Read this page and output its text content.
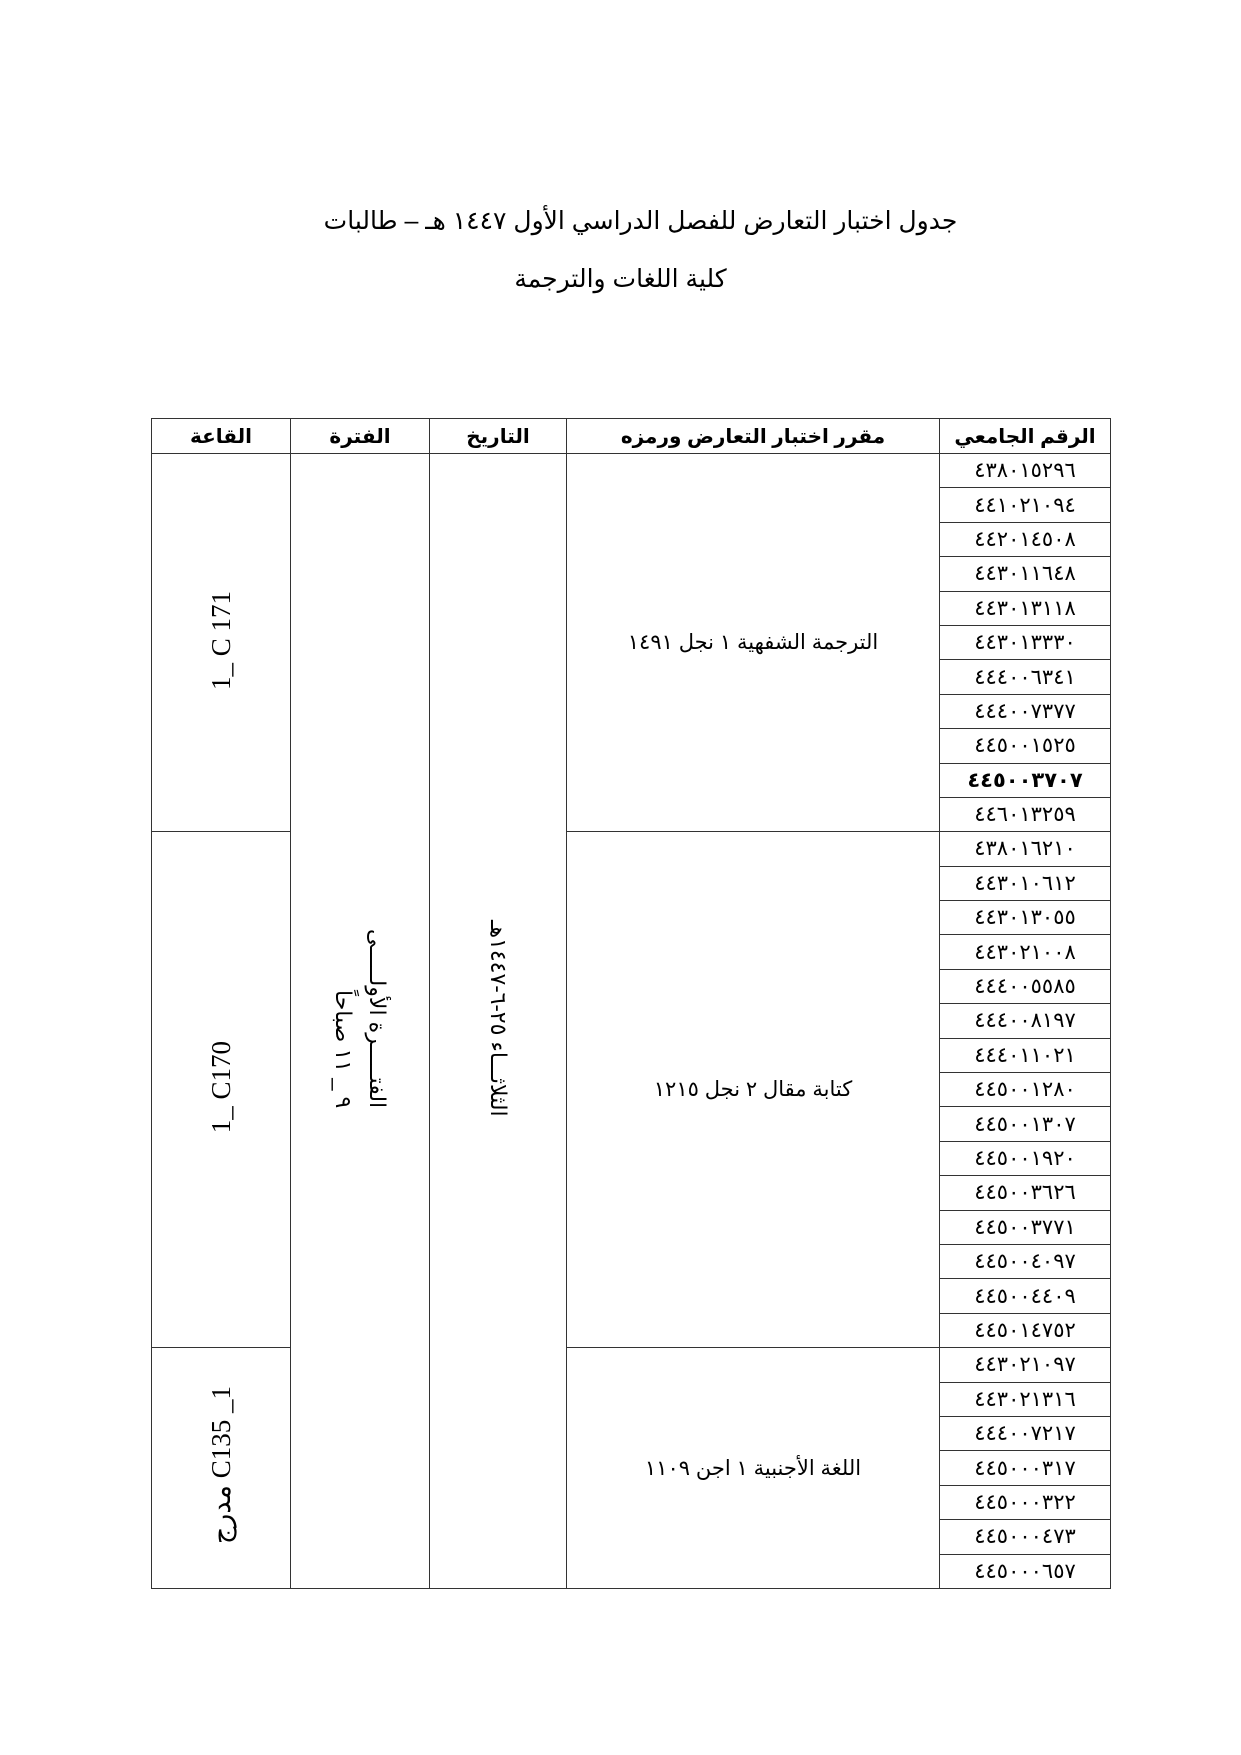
جدول اختبار التعارض للفصل الدراسي الأول ١٤٤٧ هـ – طالبات
كلية اللغات والترجمة
الرقم الجامعي	مقرر اختبار التعارض ورمزه	التاريخ	الفترة	القاعة
٤٣٨٠١٥٢٩٦	الترجمة الشفهية ١ نجل ١٤٩١	الثلاثـــاء ٢٥-٦-١٤٤٧هـ	الفتـــــرة الأولـــــى٩ _ ١١ صباحاً	1_ C 171
٤٤١٠٢١٠٩٤
٤٤٢٠١٤٥٠٨
٤٤٣٠١١٦٤٨
٤٤٣٠١٣١١٨
٤٤٣٠١٣٣٣٠
٤٤٤٠٠٦٣٤١
٤٤٤٠٠٧٣٧٧
٤٤٥٠٠١٥٢٥
٤٤٥٠٠٣٧٠٧
٤٤٦٠١٣٢٥٩
٤٣٨٠١٦٢١٠	كتابة مقال ٢ نجل ١٢١٥	1_ C170
٤٤٣٠١٠٦١٢
٤٤٣٠١٣٠٥٥
٤٤٣٠٢١٠٠٨
٤٤٤٠٠٥٥٨٥
٤٤٤٠٠٨١٩٧
٤٤٤٠١١٠٢١
٤٤٥٠٠١٢٨٠
٤٤٥٠٠١٣٠٧
٤٤٥٠٠١٩٢٠
٤٤٥٠٠٣٦٢٦
٤٤٥٠٠٣٧٧١
٤٤٥٠٠٤٠٩٧
٤٤٥٠٠٤٤٠٩
٤٤٥٠١٤٧٥٢
٤٤٣٠٢١٠٩٧	اللغة الأجنبية ١ اجن ١١٠٩	1_ C135 مدرج٤٤٣٠٢١٣١٦
٤٤٤٠٠٧٢١٧
٤٤٥٠٠٠٣١٧
٤٤٥٠٠٠٣٢٢
٤٤٥٠٠٠٤٧٣
٤٤٥٠٠٠٦٥٧
